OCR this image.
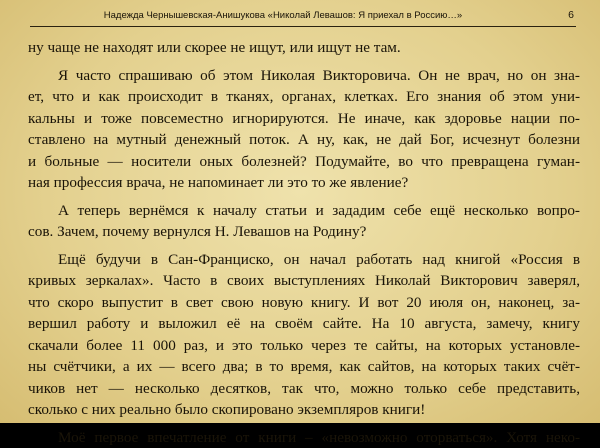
Надежда Чернышевская-Анишукова «Николай Левашов: Я приехал в Россию…»	6
ну чаще не находят или скорее не ищут, или ищут не там.
Я часто спрашиваю об этом Николая Викторовича. Он не врач, но он зна-
ет, что и как происходит в тканях, органах, клетках. Его знания об этом уни-
кальны и тоже повсеместно игнорируются. Не иначе, как здоровье нации по-
ставлено на мутный денежный поток. А ну, как, не дай Бог, исчезнут болезни
и больные — носители оных болезней? Подумайте, во что превращена гуман-
ная профессия врача, не напоминает ли это то же явление?
А теперь вернёмся к началу статьи и зададим себе ещё несколько вопро-
сов. Зачем, почему вернулся Н. Левашов на Родину?
Ещё будучи в Сан-Франциско, он начал работать над книгой «Россия в
кривых зеркалах». Часто в своих выступлениях Николай Викторович заверял,
что скоро выпустит в свет свою новую книгу. И вот 20 июля он, наконец, за-
вершил работу и выложил её на своём сайте. На 10 августа, замечу, книгу
скачали более 11 000 раз, и это только через те сайты, на которых установле-
ны счётчики, а их — всего два; в то время, как сайтов, на которых таких счёт-
чиков нет — несколько десятков, так что, можно только себе представить,
сколько с них реально было скопировано экземпляров книги!
Моё первое впечатление от книги – «невозможно оторваться». Хотя неко-
